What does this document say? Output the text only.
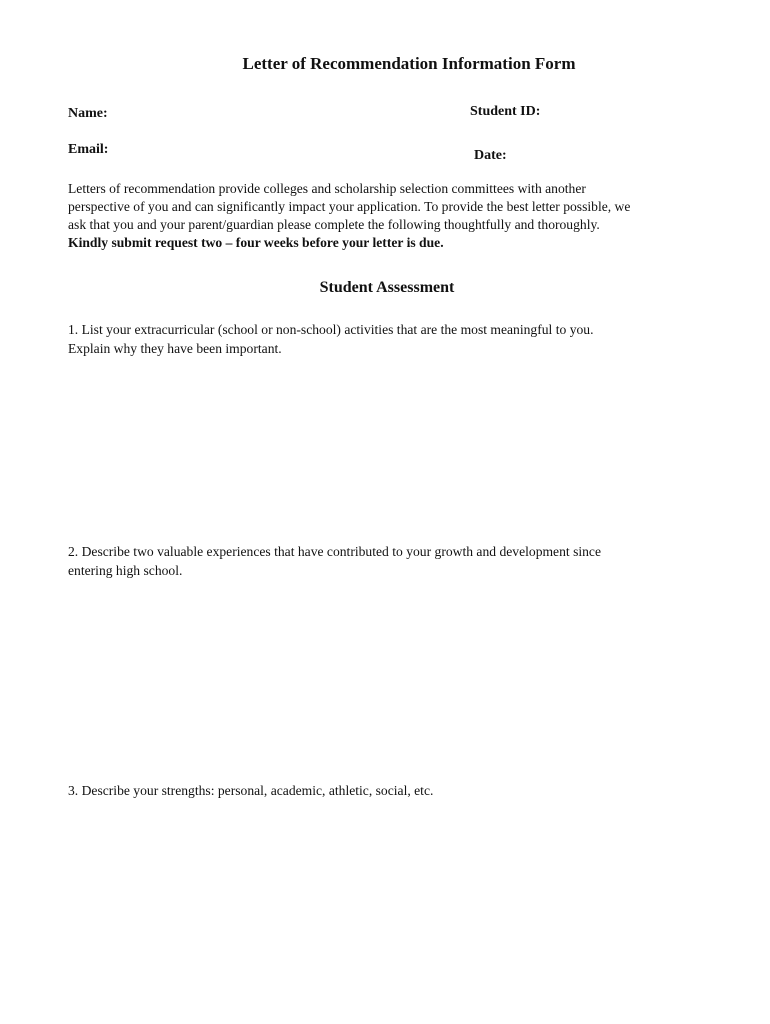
Letter of Recommendation Information Form
Name:	Student ID:
Email:	Date:

Letters of recommendation provide colleges and scholarship selection committees with another

perspective of you and can significantly impact your application. To provide the best letter possible, we

ask that you and your parent/guardian please complete the following thoughtfully and thoroughly.

Kindly submit request two – four weeks before your letter is due.

Student Assessment
1. List your extracurricular (school or non-school) activities that are the most meaningful to you.
Explain why they have been important.
2. Describe two valuable experiences that have contributed to your growth and development since
entering high school.
3. Describe your strengths: personal, academic, athletic, social, etc.
